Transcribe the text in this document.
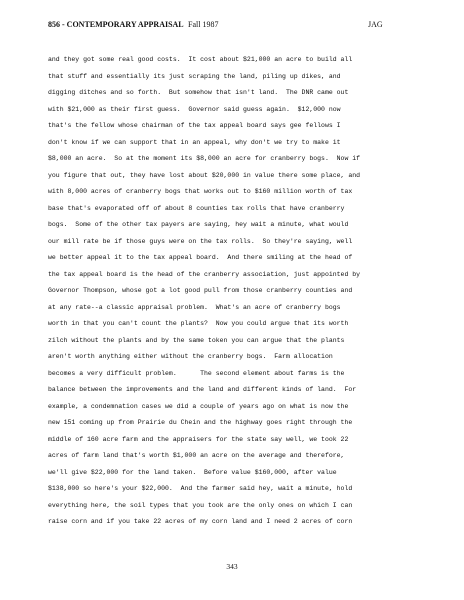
856 - CONTEMPORARY APPRAISAL Fall 1987	JAG
and they got some real good costs.  It cost about $21,000 an acre to build all
that stuff and essentially its just scraping the land, piling up dikes, and
digging ditches and so forth.  But somehow that isn't land.  The DNR came out
with $21,000 as their first guess.  Governor said guess again.  $12,000 now
that's the fellow whose chairman of the tax appeal board says gee fellows I
don't know if we can support that in an appeal, why don't we try to make it
$8,000 an acre.  So at the moment its $8,000 an acre for cranberry bogs.  Now if
you figure that out, they have lost about $20,000 in value there some place, and
with 8,000 acres of cranberry bogs that works out to $160 million worth of tax
base that's evaporated off of about 8 counties tax rolls that have cranberry
bogs.  Some of the other tax payers are saying, hey wait a minute, what would
our mill rate be if those guys were on the tax rolls.  So they're saying, well
we better appeal it to the tax appeal board.  And there smiling at the head of
the tax appeal board is the head of the cranberry association, just appointed by
Governor Thompson, whose got a lot good pull from those cranberry counties and
at any rate--a classic appraisal problem.  What's an acre of cranberry bogs
worth in that you can't count the plants?  Now you could argue that its worth
zilch without the plants and by the same token you can argue that the plants
aren't worth anything either without the cranberry bogs.  Farm allocation
becomes a very difficult problem.      The second element about farms is the
balance between the improvements and the land and different kinds of land.  For
example, a condemnation cases we did a couple of years ago on what is now the
new 151 coming up from Prairie du Chein and the highway goes right through the
middle of 160 acre farm and the appraisers for the state say well, we took 22
acres of farm land that's worth $1,000 an acre on the average and therefore,
we'll give $22,000 for the land taken.  Before value $160,000, after value
$138,000 so here's your $22,000.  And the farmer said hey, wait a minute, hold
everything here, the soil types that you took are the only ones on which I can
raise corn and if you take 22 acres of my corn land and I need 2 acres of corn
343
